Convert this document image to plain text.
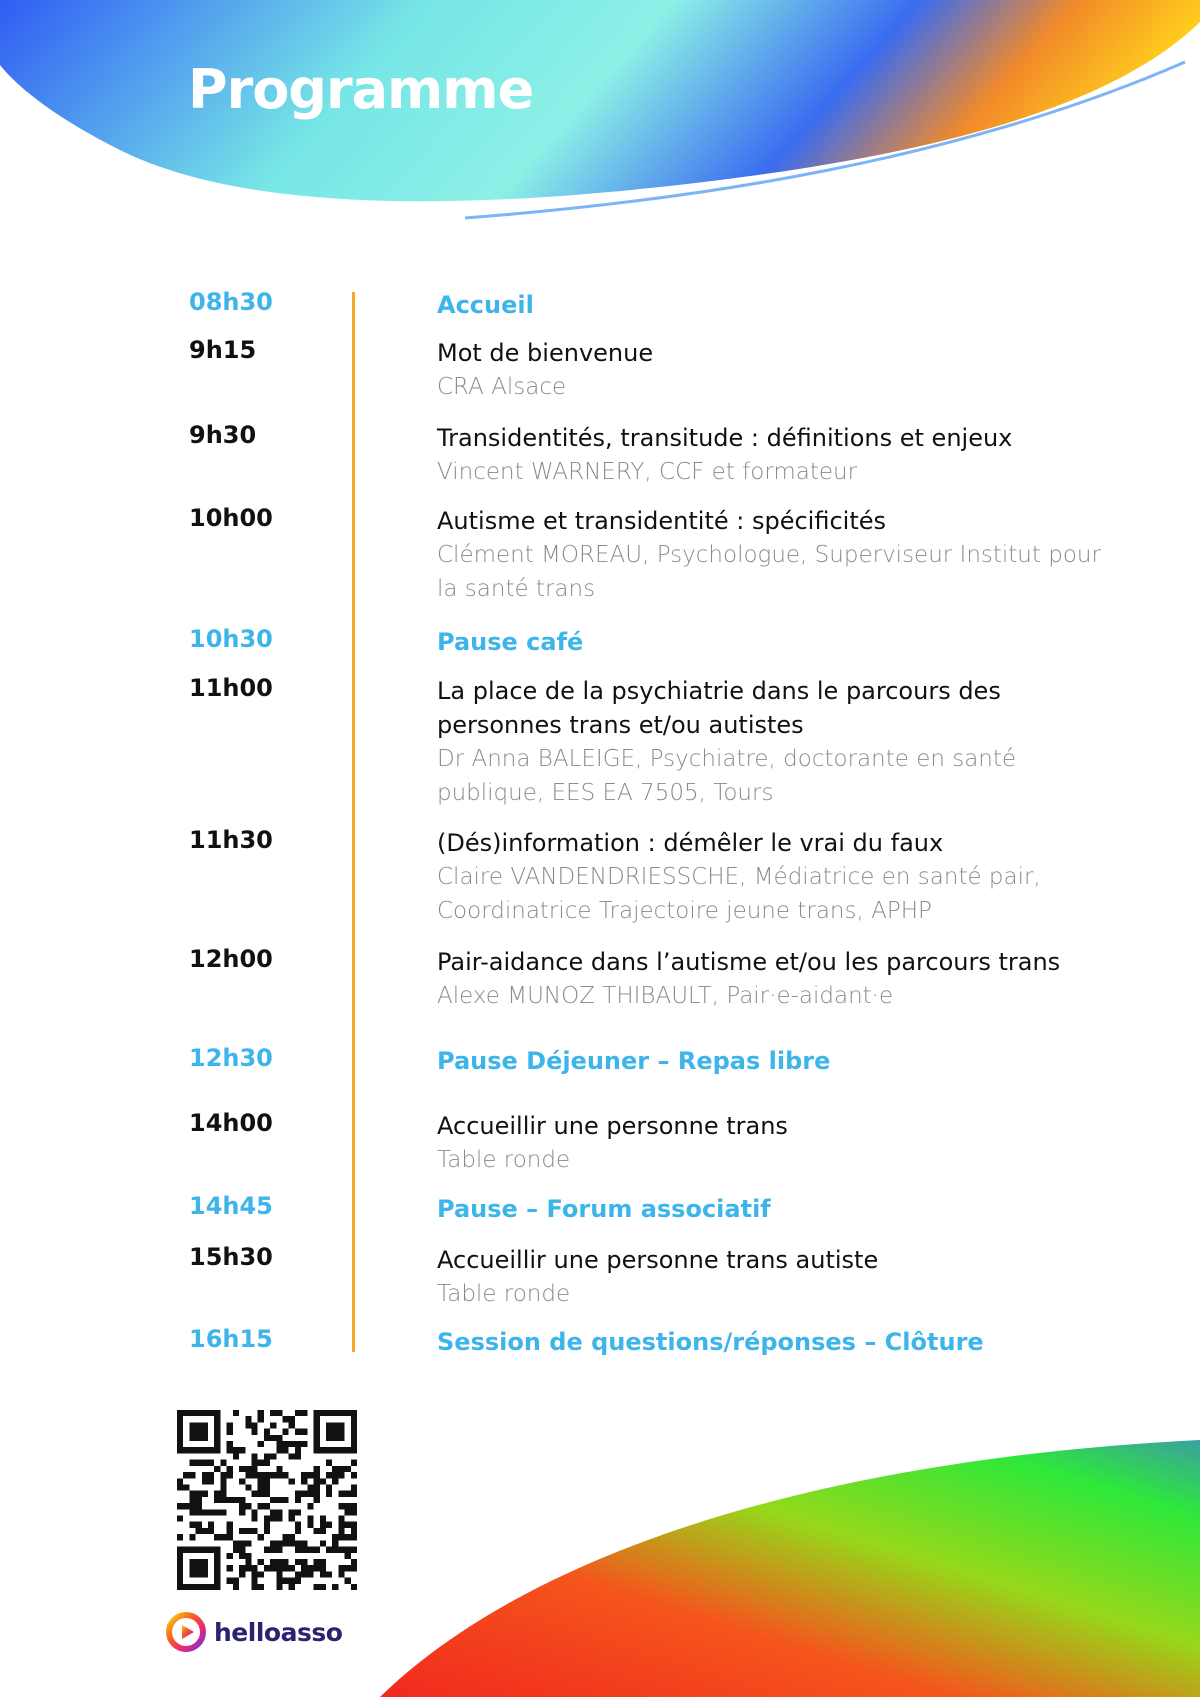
Programme
08h30	Accueil
9h15	Mot de bienvenue
CRA Alsace
9h30	Transidentités, transitude : définitions et enjeux
Vincent WARNERY, CCF et formateur
10h00	Autisme et transidentité : spécificités
Clément MOREAU, Psychologue, Superviseur Institut pour la santé trans
10h30	Pause café
11h00	La place de la psychiatrie dans le parcours des personnes trans et/ou autistes
Dr Anna BALEIGE, Psychiatre, doctorante en santé publique, EES EA 7505, Tours
11h30	(Dés)information : démêler le vrai du faux
Claire VANDENDRIESSCHE, Médiatrice en santé pair, Coordinatrice Trajectoire jeune trans, APHP
12h00	Pair-aidance dans l’autisme et/ou les parcours trans
Alexe MUNOZ THIBAULT, Pair·e-aidant·e
12h30	Pause Déjeuner – Repas libre
14h00	Accueillir une personne trans
Table ronde
14h45	Pause – Forum associatif
15h30	Accueillir une personne trans autiste
Table ronde
16h15	Session de questions/réponses – Clôture
helloasso
